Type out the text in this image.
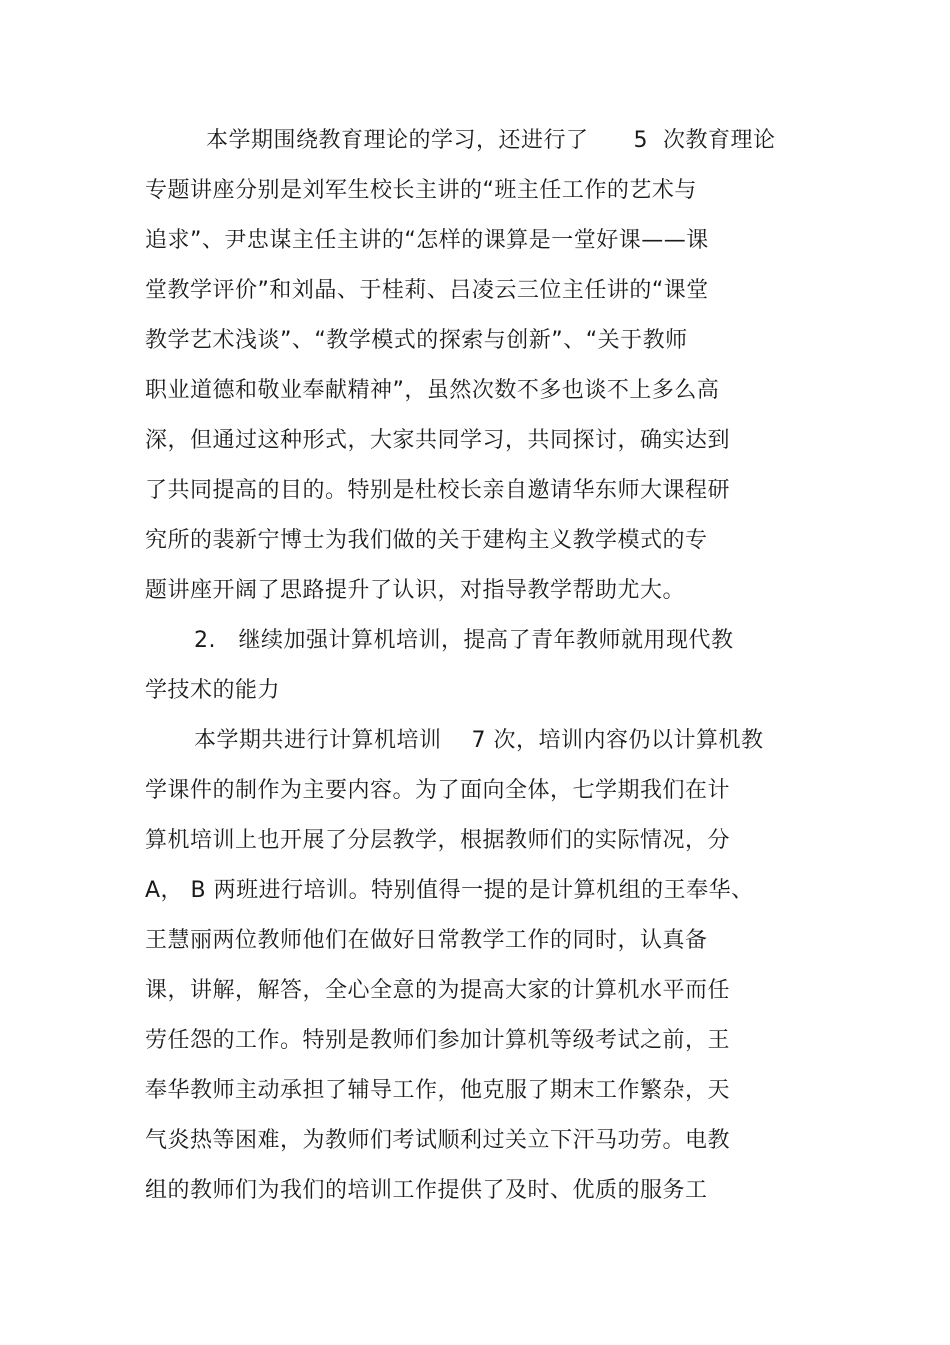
本学期围绕教育理论的学习，还进行了　　5  次教育理论
专题讲座分别是刘军生校长主讲的“班主任工作的艺术与
追求”、尹忠谋主任主讲的“怎样的课算是一堂好课——课
堂教学评价”和刘晶、于桂莉、吕凌云三位主任讲的“课堂
教学艺术浅谈”、“教学模式的探索与创新”、“关于教师
职业道德和敬业奉献精神”，虽然次数不多也谈不上多么高
深，但通过这种形式，大家共同学习，共同探讨，确实达到
了共同提高的目的。特别是杜校长亲自邀请华东师大课程研
究所的裴新宁博士为我们做的关于建构主义教学模式的专
题讲座开阔了思路提升了认识，对指导教学帮助尤大。
2.　继续加强计算机培训，提高了青年教师就用现代教
学技术的能力
本学期共进行计算机培训　 7 次，培训内容仍以计算机教
学课件的制作为主要内容。为了面向全体，七学期我们在计
算机培训上也开展了分层教学，根据教师们的实际情况，分
A， B 两班进行培训。特别值得一提的是计算机组的王奉华、
王慧丽两位教师他们在做好日常教学工作的同时，认真备
课，讲解，解答，全心全意的为提高大家的计算机水平而任
劳任怨的工作。特别是教师们参加计算机等级考试之前，王
奉华教师主动承担了辅导工作，他克服了期末工作繁杂，天
气炎热等困难，为教师们考试顺利过关立下汗马功劳。电教
组的教师们为我们的培训工作提供了及时、优质的服务工
